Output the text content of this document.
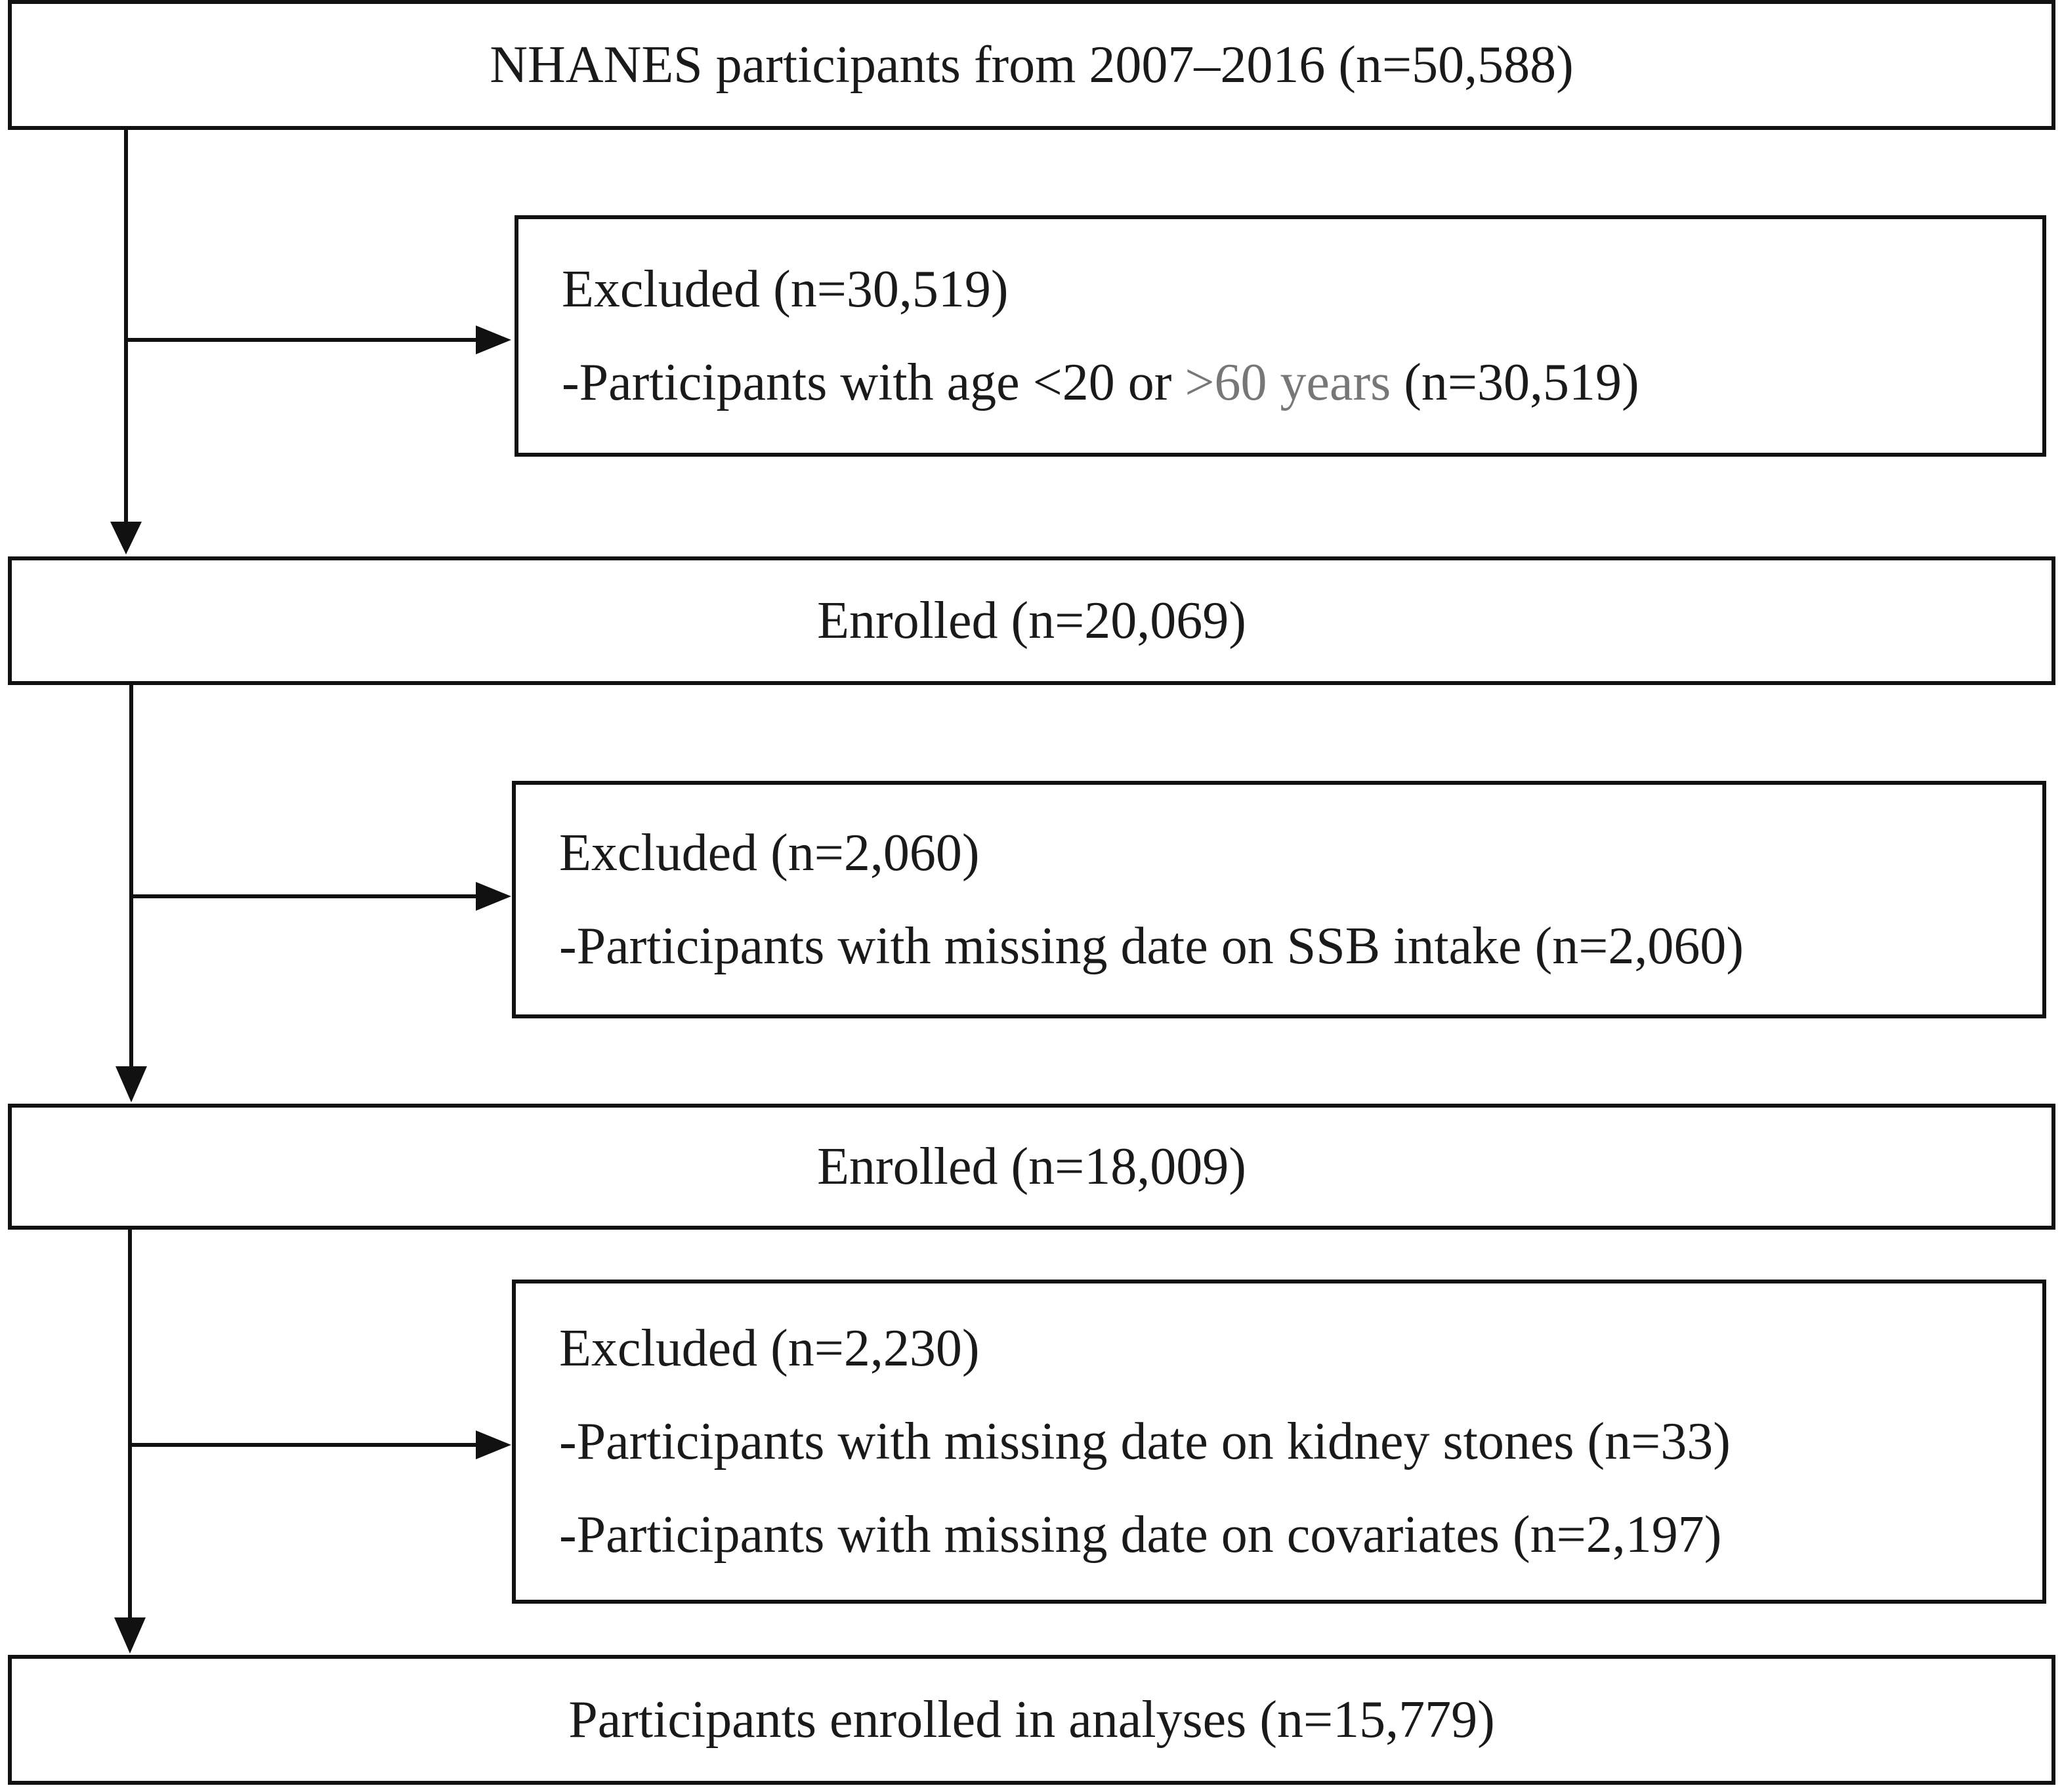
NHANES participants from 2007–2016 (n=50,588)
Excluded (n=30,519)
-Participants with age <20 or >60 years (n=30,519)
Enrolled (n=20,069)
Excluded (n=2,060)
-Participants with missing date on SSB intake (n=2,060)
Enrolled (n=18,009)
Excluded (n=2,230)
-Participants with missing date on kidney stones (n=33)
-Participants with missing date on covariates (n=2,197)
Participants enrolled in analyses (n=15,779)
